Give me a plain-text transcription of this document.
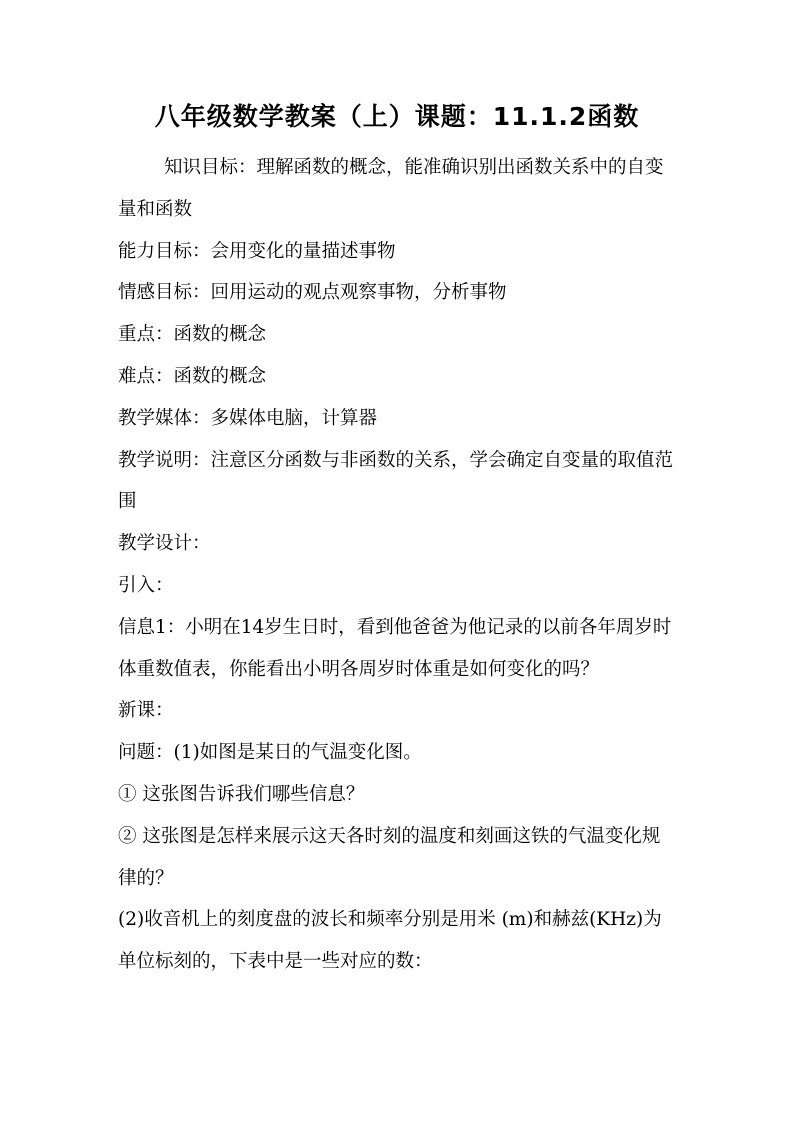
八年级数学教案（上）课题：11.1.2函数

知识目标：理解函数的概念，能准确识别出函数关系中的自变量和函数

能力目标：会用变化的量描述事物

情感目标：回用运动的观点观察事物，分析事物

重点：函数的概念

难点：函数的概念

教学媒体：多媒体电脑，计算器

教学说明：注意区分函数与非函数的关系，学会确定自变量的取值范围

教学设计：

引入：

信息1：小明在14岁生日时，看到他爸爸为他记录的以前各年周岁时体重数值表，你能看出小明各周岁时体重是如何变化的吗？

新课：

问题：(1)如图是某日的气温变化图。

① 这张图告诉我们哪些信息？

② 这张图是怎样来展示这天各时刻的温度和刻画这铁的气温变化规律的？

(2)收音机上的刻度盘的波长和频率分别是用米 (m)和赫兹(KHz)为单位标刻的，下表中是一些对应的数：
